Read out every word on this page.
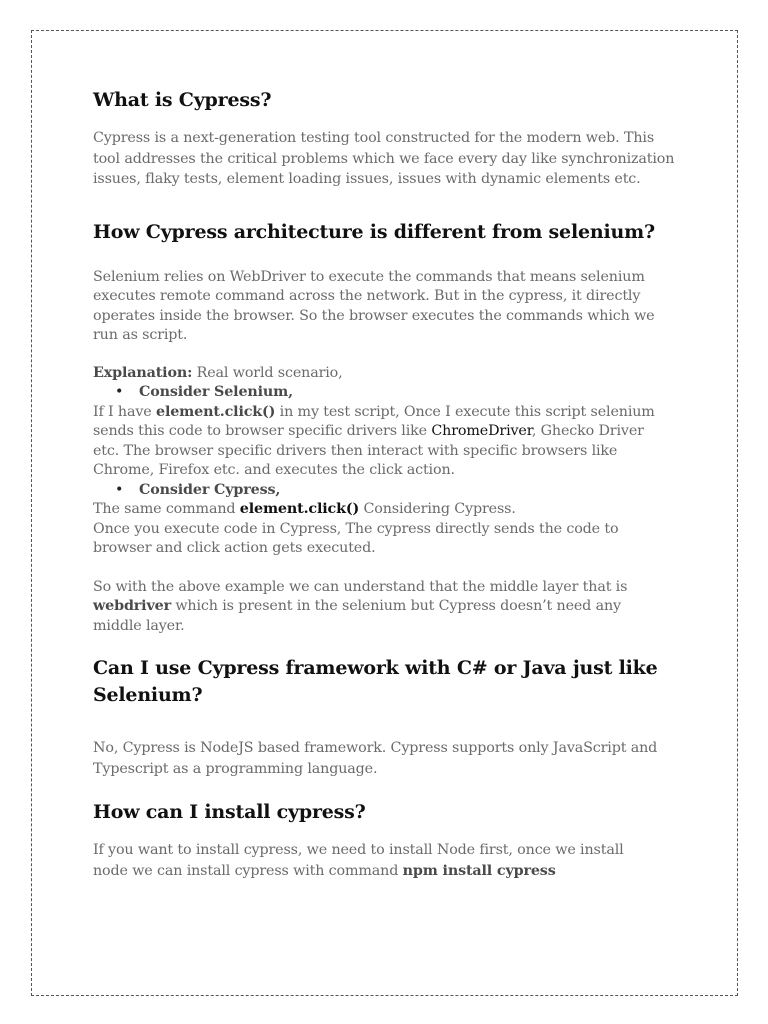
What is Cypress?

Cypress is a next-generation testing tool constructed for the modern web. This tool addresses the critical problems which we face every day like synchronization issues, flaky tests, element loading issues, issues with dynamic elements etc.

How Cypress architecture is different from selenium?

Selenium relies on WebDriver to execute the commands that means selenium executes remote command across the network. But in the cypress, it directly operates inside the browser. So the browser executes the commands which we run as script.

Explanation: Real world scenario,

• Consider Selenium,

If I have element.click() in my test script, Once I execute this script selenium sends this code to browser specific drivers like ChromeDriver, Ghecko Driver etc. The browser specific drivers then interact with specific browsers like Chrome, Firefox etc. and executes the click action.

• Consider Cypress,

The same command element.click() Considering Cypress.

Once you execute code in Cypress, The cypress directly sends the code to browser and click action gets executed.

So with the above example we can understand that the middle layer that is webdriver which is present in the selenium but Cypress doesn’t need any middle layer.

Can I use Cypress framework with C# or Java just like Selenium?

No, Cypress is NodeJS based framework. Cypress supports only JavaScript and Typescript as a programming language.

How can I install cypress?

If you want to install cypress, we need to install Node first, once we install node we can install cypress with command npm install cypress
